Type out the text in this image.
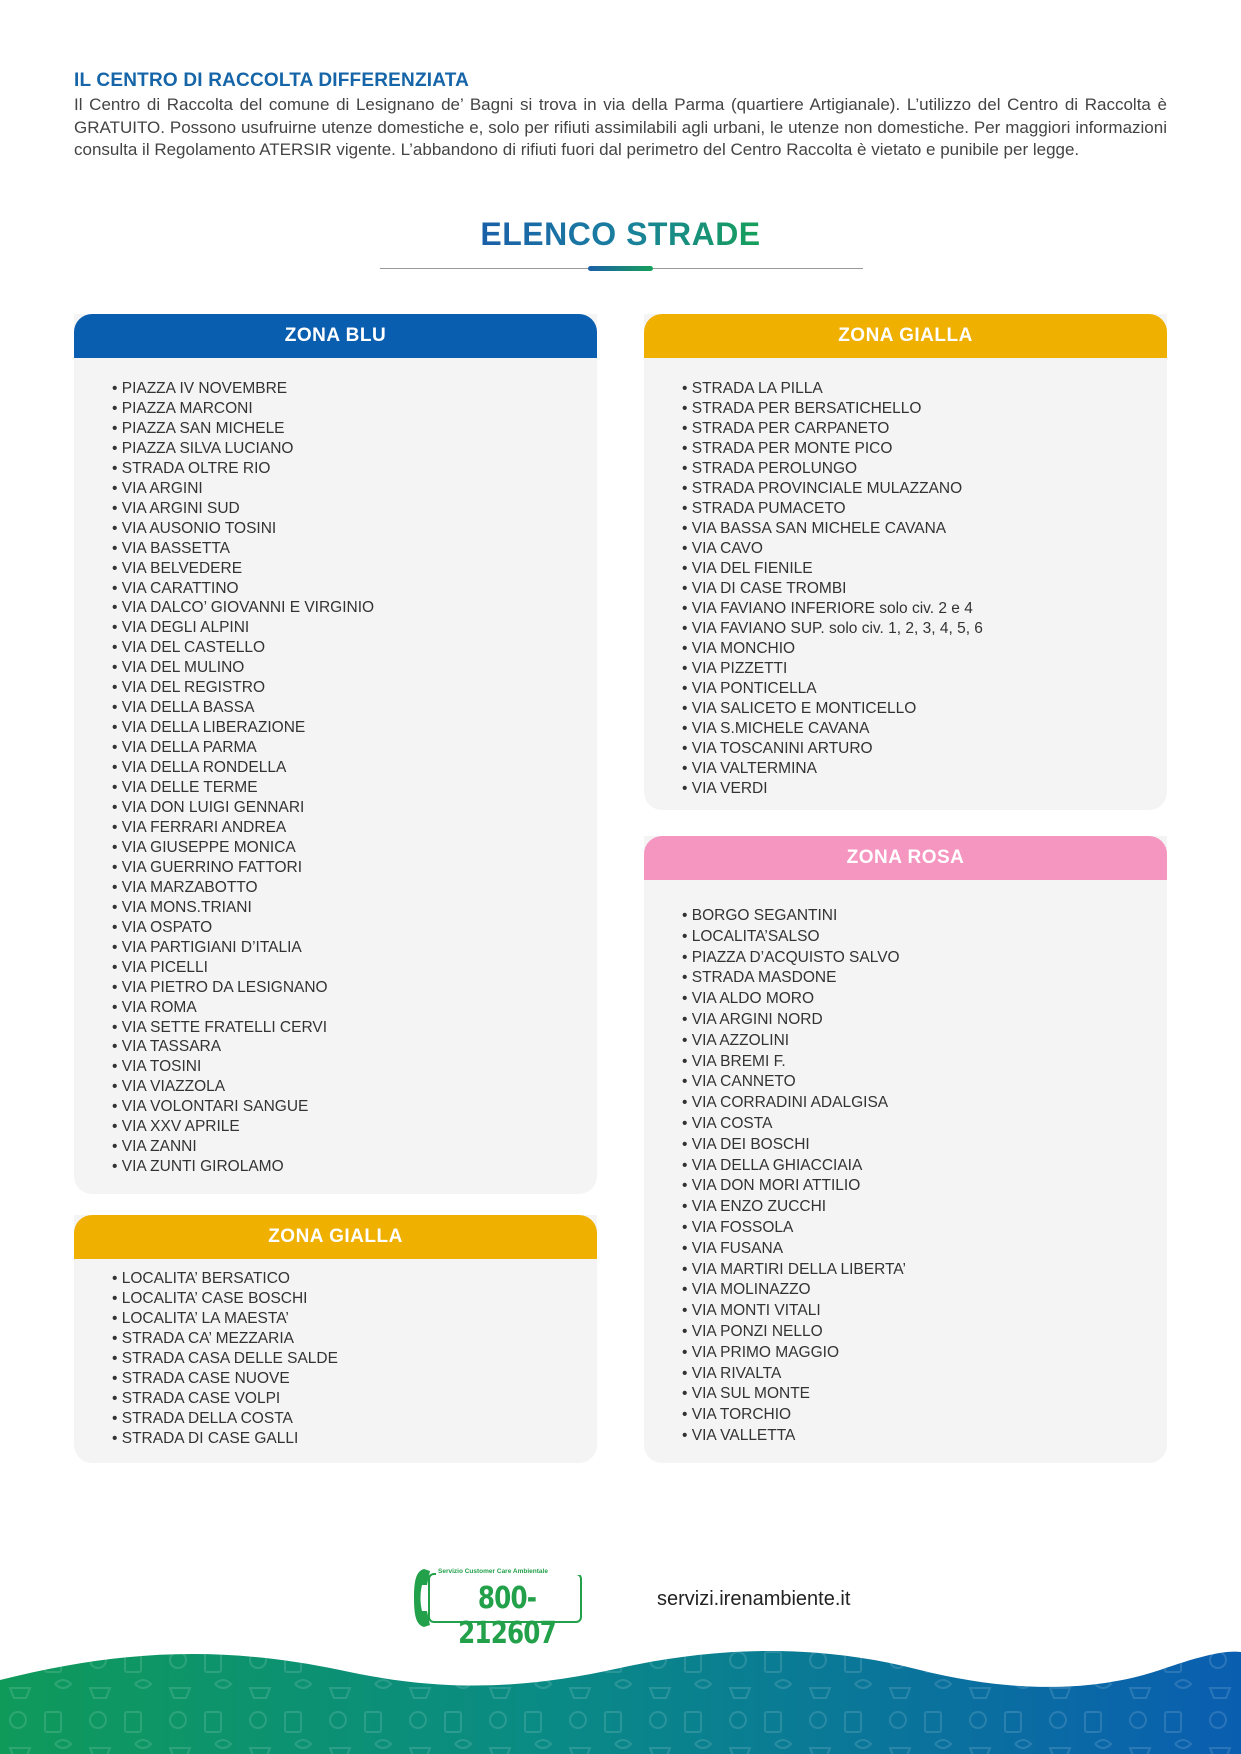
IL CENTRO DI RACCOLTA DIFFERENZIATA

Il Centro di Raccolta del comune di Lesignano de’ Bagni si trova in via della Parma (quartiere Artigianale). L’utilizzo del Centro di Raccolta è GRATUITO. Possono usufruirne utenze domestiche e, solo per rifiuti assimilabili agli urbani, le utenze non domestiche. Per maggiori informazioni consulta il Regolamento ATERSIR vigente. L’abbandono di rifiuti fuori dal perimetro del Centro Raccolta è vietato e punibile per legge.

ELENCO STRADE
ZONA BLU
• PIAZZA IV NOVEMBRE
• PIAZZA MARCONI
• PIAZZA SAN MICHELE
• PIAZZA SILVA LUCIANO
• STRADA OLTRE RIO
• VIA ARGINI
• VIA ARGINI SUD
• VIA AUSONIO TOSINI
• VIA BASSETTA
• VIA BELVEDERE
• VIA CARATTINO
• VIA DALCO’ GIOVANNI E VIRGINIO
• VIA DEGLI ALPINI
• VIA DEL CASTELLO
• VIA DEL MULINO
• VIA DEL REGISTRO
• VIA DELLA BASSA
• VIA DELLA LIBERAZIONE
• VIA DELLA PARMA
• VIA DELLA RONDELLA
• VIA DELLE TERME
• VIA DON LUIGI GENNARI
• VIA FERRARI ANDREA
• VIA GIUSEPPE MONICA
• VIA GUERRINO FATTORI
• VIA MARZABOTTO
• VIA MONS.TRIANI
• VIA OSPATO
• VIA PARTIGIANI D’ITALIA
• VIA PICELLI
• VIA PIETRO DA LESIGNANO
• VIA ROMA
• VIA SETTE FRATELLI CERVI
• VIA TASSARA
• VIA TOSINI
• VIA VIAZZOLA
• VIA VOLONTARI SANGUE
• VIA XXV APRILE
• VIA ZANNI
• VIA ZUNTI GIROLAMO
ZONA GIALLA
• LOCALITA’ BERSATICO
• LOCALITA’ CASE BOSCHI
• LOCALITA’ LA MAESTA’
• STRADA CA’ MEZZARIA
• STRADA CASA DELLE SALDE
• STRADA CASE NUOVE
• STRADA CASE VOLPI
• STRADA DELLA COSTA
• STRADA DI CASE GALLI
ZONA GIALLA
• STRADA LA PILLA
• STRADA PER BERSATICHELLO
• STRADA PER CARPANETO
• STRADA PER MONTE PICO
• STRADA PEROLUNGO
• STRADA PROVINCIALE MULAZZANO
• STRADA PUMACETO
• VIA BASSA SAN MICHELE CAVANA
• VIA CAVO
• VIA DEL FIENILE
• VIA DI CASE TROMBI
• VIA FAVIANO INFERIORE solo civ. 2 e 4
• VIA FAVIANO SUP. solo civ. 1, 2, 3, 4, 5, 6
• VIA MONCHIO
• VIA PIZZETTI
• VIA PONTICELLA
• VIA SALICETO E MONTICELLO
• VIA S.MICHELE CAVANA
• VIA TOSCANINI ARTURO
• VIA VALTERMINA
• VIA VERDI
ZONA ROSA
• BORGO SEGANTINI
• LOCALITA’SALSO
• PIAZZA D’ACQUISTO SALVO
• STRADA MASDONE
• VIA ALDO MORO
• VIA ARGINI NORD
• VIA AZZOLINI
• VIA BREMI F.
• VIA CANNETO
• VIA CORRADINI ADALGISA
• VIA COSTA
• VIA DEI BOSCHI
• VIA DELLA GHIACCIAIA
• VIA DON MORI ATTILIO
• VIA ENZO ZUCCHI
• VIA FOSSOLA
• VIA FUSANA
• VIA MARTIRI DELLA LIBERTA’
• VIA MOLINAZZO
• VIA MONTI VITALI
• VIA PONZI NELLO
• VIA PRIMO MAGGIO
• VIA RIVALTA
• VIA SUL MONTE
• VIA TORCHIO
• VIA VALLETTA
Servizio Customer Care Ambientale
800-212607
servizi.irenambiente.it
